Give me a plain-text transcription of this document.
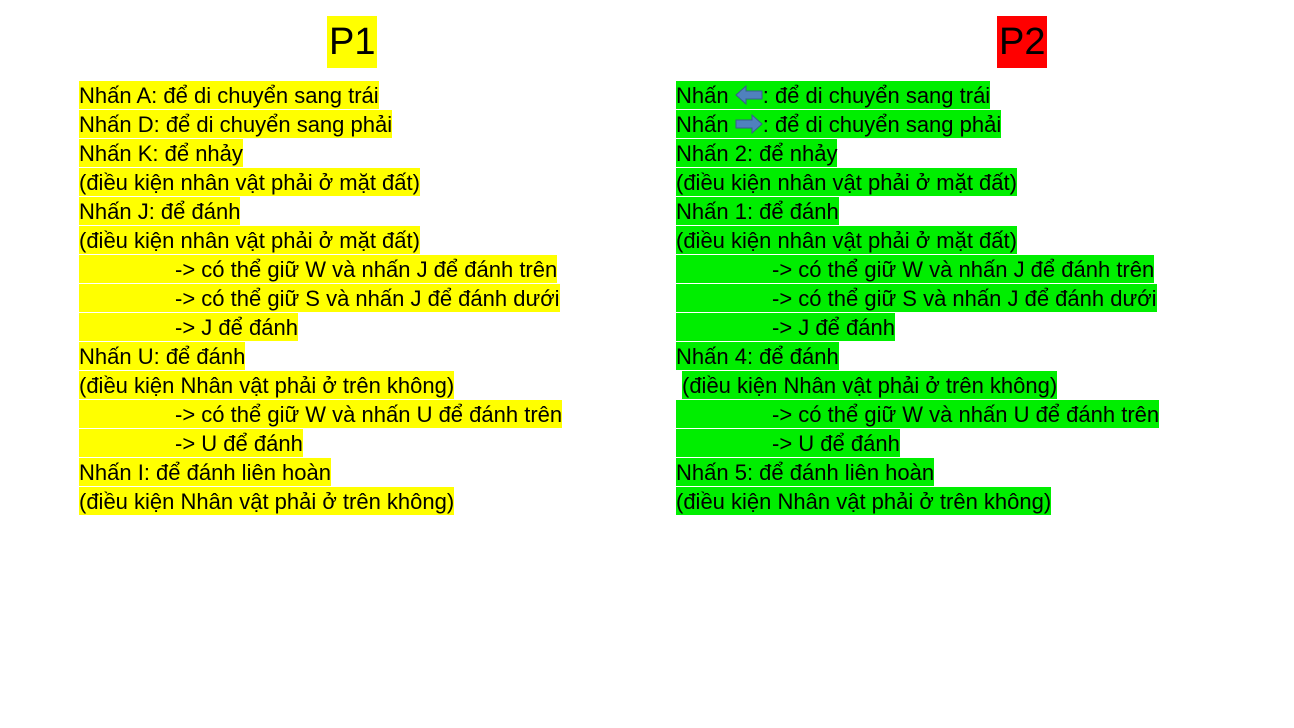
P1	P2
Nhấn A: để di chuyển sang trái
Nhấn D: để di chuyển sang phải
Nhấn K: để nhảy
(điều kiện nhân vật phải ở mặt đất)
Nhấn J: để đánh
(điều kiện nhân vật phải ở mặt đất)
-> có thể giữ W và nhấn J để đánh trên
-> có thể giữ S và nhấn J để đánh dưới
-> J để đánh
Nhấn U: để đánh
(điều kiện Nhân vật phải ở trên không)
-> có thể giữ W và nhấn U để đánh trên
-> U để đánh
Nhấn I: để đánh liên hoàn
(điều kiện Nhân vật phải ở trên không)
Nhấn : để di chuyển sang trái
Nhấn : để di chuyển sang phải
Nhấn 2: để nhảy
(điều kiện nhân vật phải ở mặt đất)
Nhấn 1: để đánh
(điều kiện nhân vật phải ở mặt đất)
-> có thể giữ W và nhấn J để đánh trên
-> có thể giữ S và nhấn J để đánh dưới
-> J để đánh
Nhấn 4: để đánh
(điều kiện Nhân vật phải ở trên không)
-> có thể giữ W và nhấn U để đánh trên
-> U để đánh
Nhấn 5: để đánh liên hoàn
(điều kiện Nhân vật phải ở trên không)
